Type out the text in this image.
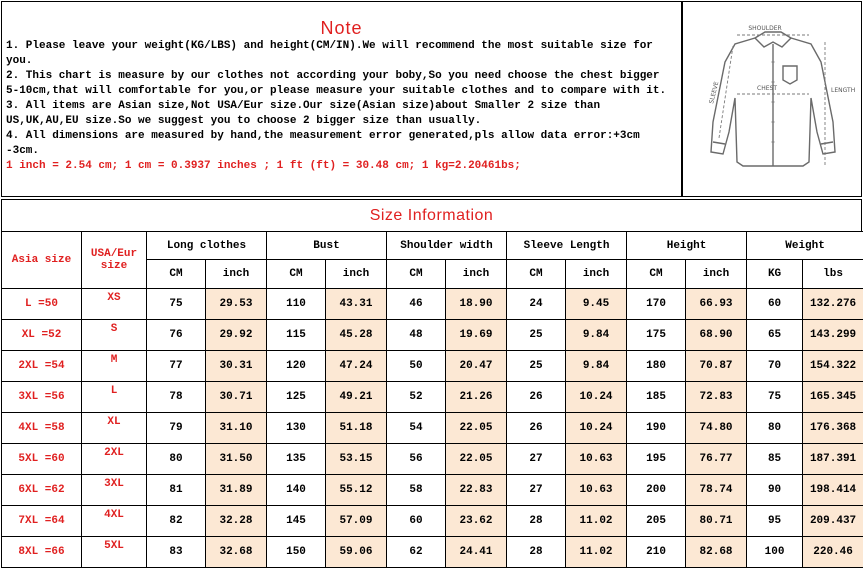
Note

1. Please leave your weight(KG/LBS) and height(CM/IN).We will recommend the most suitable size for you.

2. This chart is measure by our clothes not according your boby,So you need choose the chest bigger 5-10cm,that will comfortable for you,or please measure your suitable clothes and to compare with it.

3. All items are Asian size,Not USA/Eur size.Our size(Asian size)about Smaller 2 size than US,UK,AU,EU size.So we suggest you to choose 2 bigger size than usually.

4. All dimensions are measured by hand,the measurement error generated,pls allow data error:+3cm -3cm.

1 inch = 2.54 cm; 1 cm = 0.3937 inches ; 1 ft (ft) = 30.48 cm; 1 kg=2.20461bs;

SHOULDER
CHEST	LENGTH
SLEEVE
Size Information
Asia size	USA/Eur size	Long clothes		Bust		Shoulder width		Sleeve Length		Height		Weight	
		CM	inch	CM	inch	CM	inch	CM	inch	CM	inch	KG	lbs
L =50	XS	75	29.53	110	43.31	46	18.90	24	9.45	170	66.93	60	132.276
XL =52	S	76	29.92	115	45.28	48	19.69	25	9.84	175	68.90	65	143.299
2XL =54	M	77	30.31	120	47.24	50	20.47	25	9.84	180	70.87	70	154.322
3XL =56	L	78	30.71	125	49.21	52	21.26	26	10.24	185	72.83	75	165.345
4XL =58	XL	79	31.10	130	51.18	54	22.05	26	10.24	190	74.80	80	176.368
5XL =60	2XL	80	31.50	135	53.15	56	22.05	27	10.63	195	76.77	85	187.391
6XL =62	3XL	81	31.89	140	55.12	58	22.83	27	10.63	200	78.74	90	198.414
7XL =64	4XL	82	32.28	145	57.09	60	23.62	28	11.02	205	80.71	95	209.437
8XL =66	5XL	83	32.68	150	59.06	62	24.41	28	11.02	210	82.68	100	220.46
